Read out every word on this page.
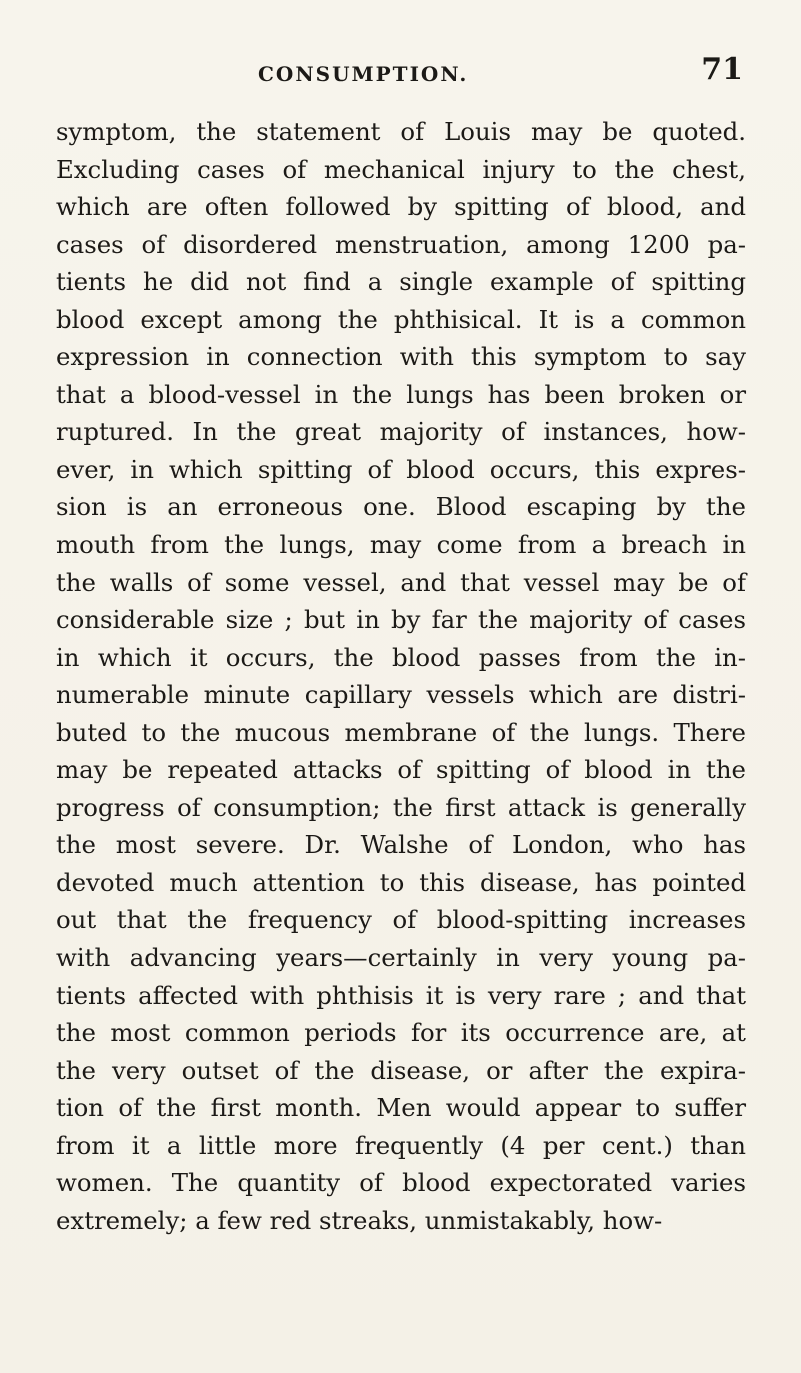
CONSUMPTION.	71
symptom, the statement of Louis may be quoted.
Excluding cases of mechanical injury to the chest,
which are often followed by spitting of blood, and
cases of disordered menstruation, among 1200 pa-
tients he did not find a single example of spitting
blood except among the phthisical. It is a common
expression in connection with this symptom to say
that a blood-vessel in the lungs has been broken or
ruptured. In the great majority of instances, how-
ever, in which spitting of blood occurs, this expres-
sion is an erroneous one. Blood escaping by the
mouth from the lungs, may come from a breach in
the walls of some vessel, and that vessel may be of
considerable size ; but in by far the majority of cases
in which it occurs, the blood passes from the in-
numerable minute capillary vessels which are distri-
buted to the mucous membrane of the lungs. There
may be repeated attacks of spitting of blood in the
progress of consumption; the first attack is generally
the most severe. Dr. Walshe of London, who has
devoted much attention to this disease, has pointed
out that the frequency of blood-spitting increases
with advancing years—certainly in very young pa-
tients affected with phthisis it is very rare ; and that
the most common periods for its occurrence are, at
the very outset of the disease, or after the expira-
tion of the first month. Men would appear to suffer
from it a little more frequently (4 per cent.) than
women. The quantity of blood expectorated varies
extremely; a few red streaks, unmistakably, how-
